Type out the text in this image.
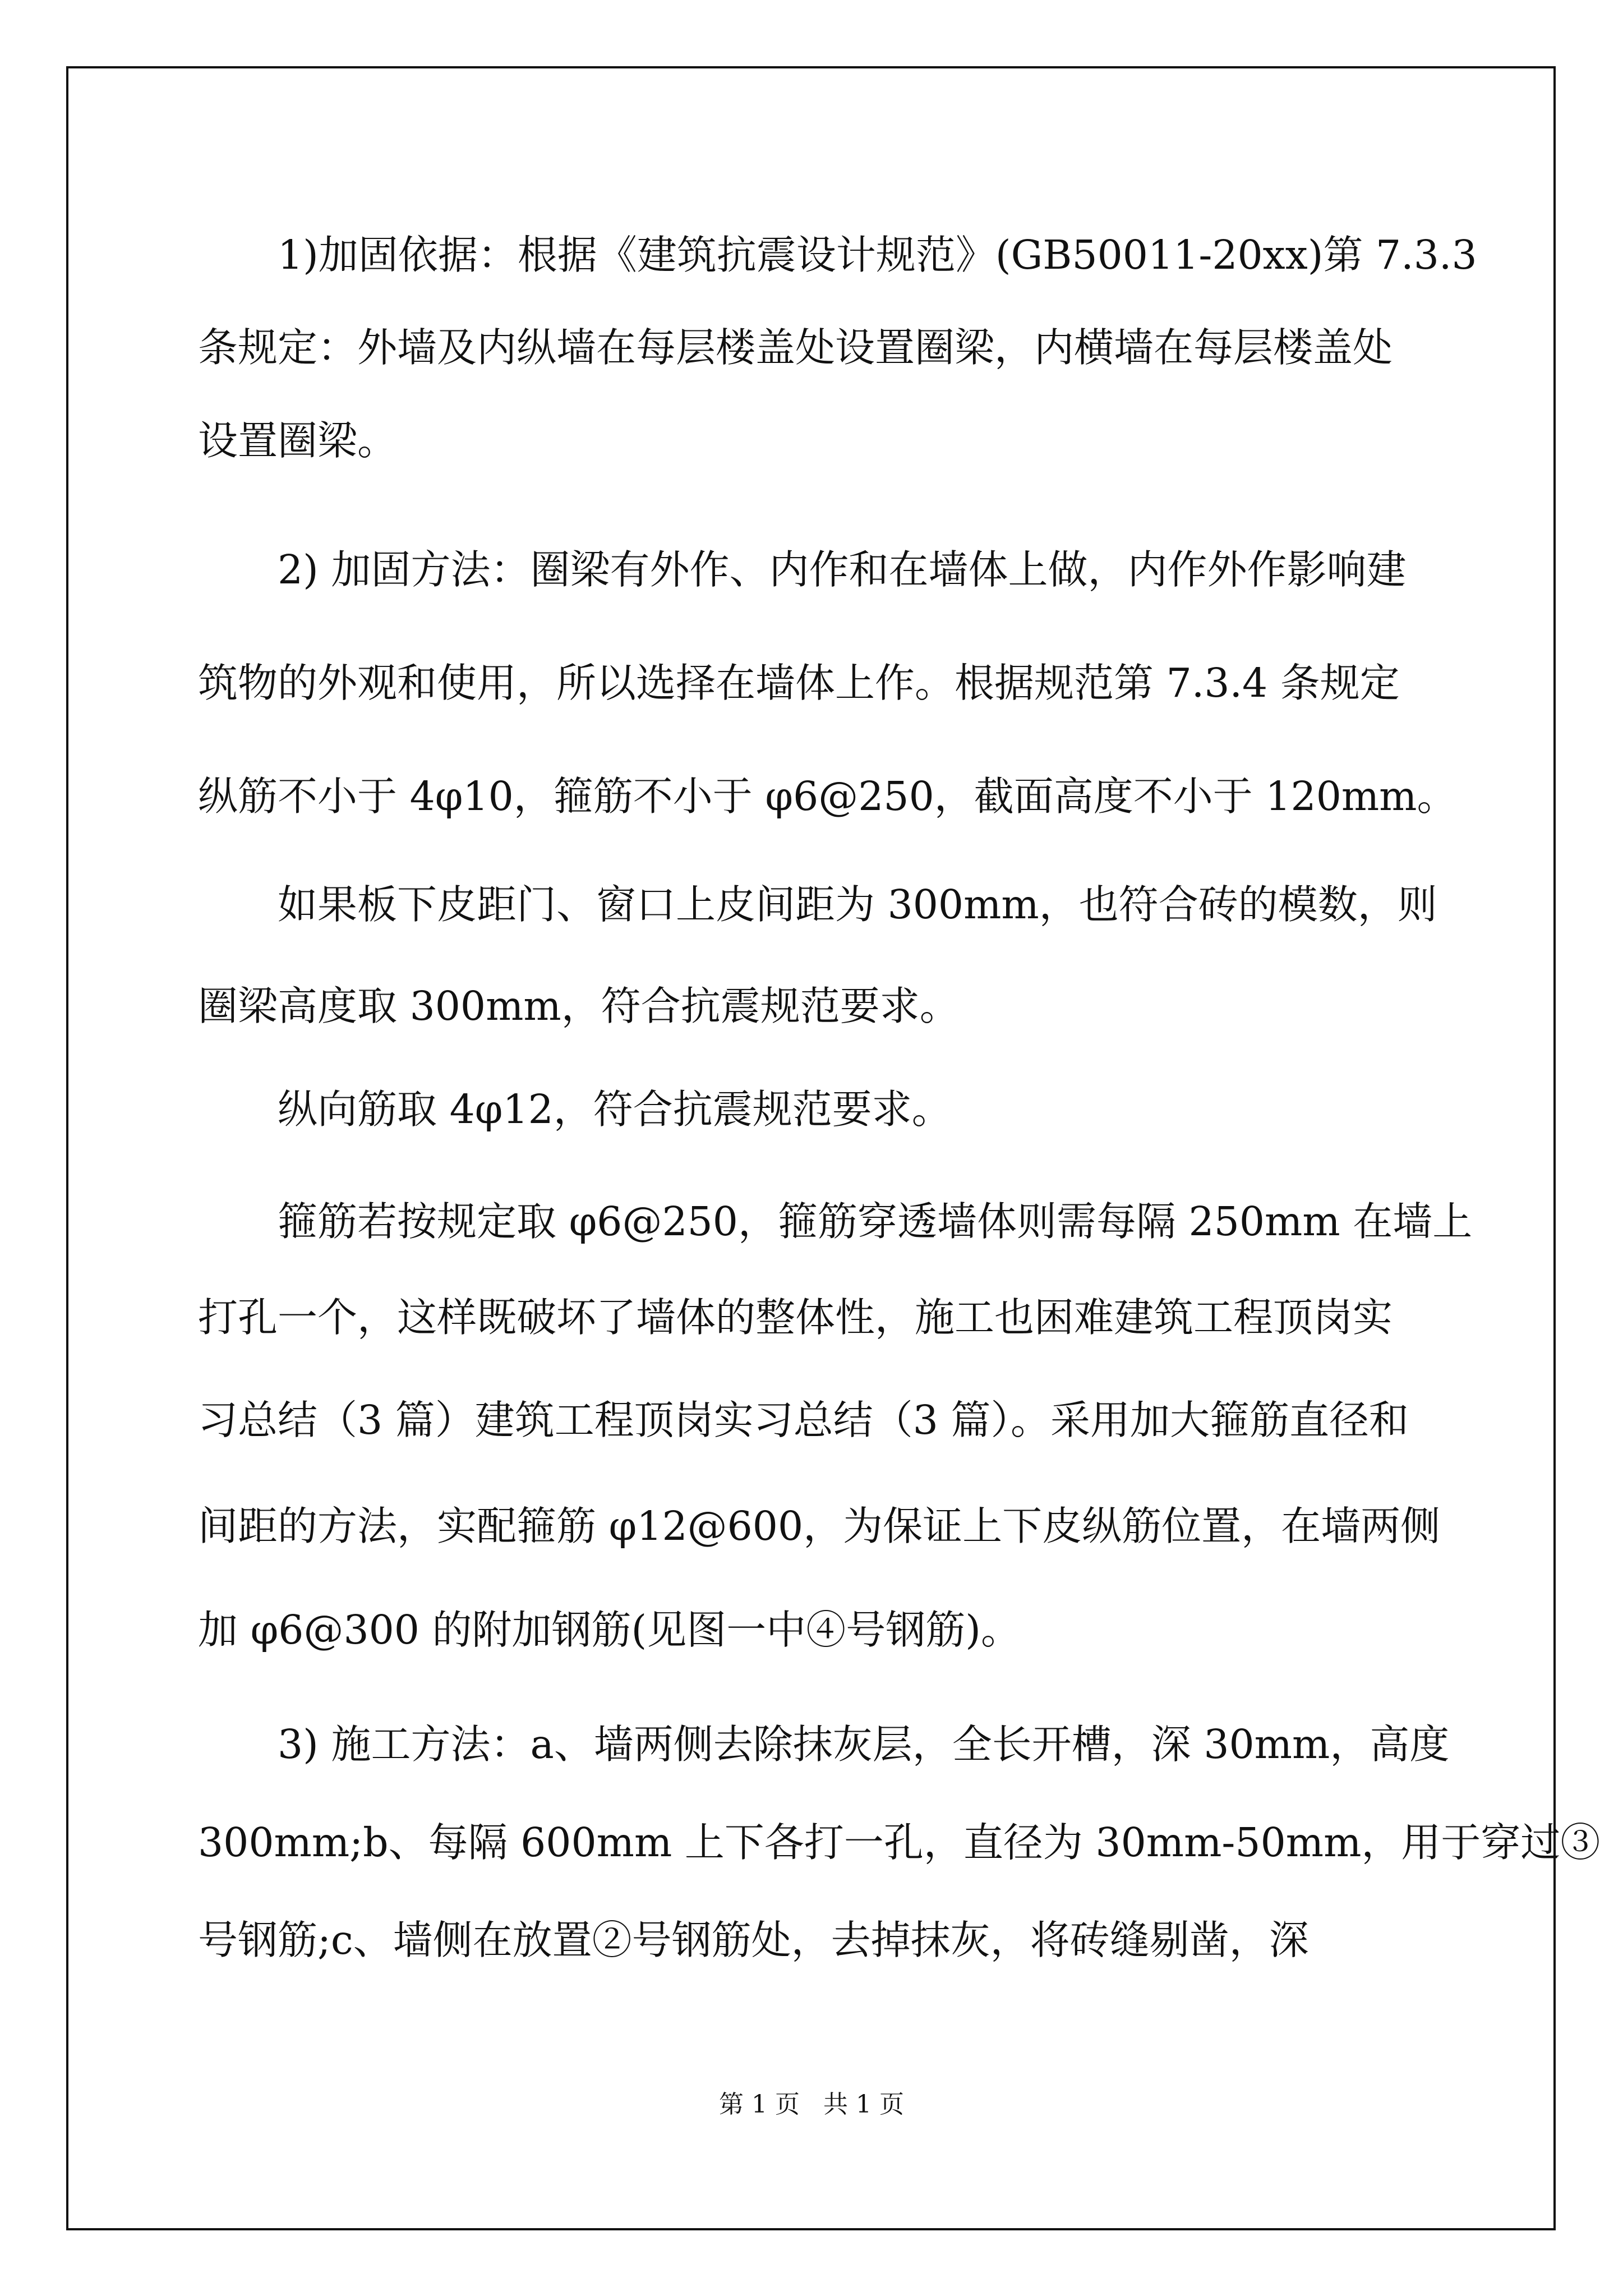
1)加固依据：根据《建筑抗震设计规范》(GB50011-20xx)第 7.3.3
条规定：外墙及内纵墙在每层楼盖处设置圈梁，内横墙在每层楼盖处
设置圈梁。
2) 加固方法：圈梁有外作、内作和在墙体上做，内作外作影响建
筑物的外观和使用，所以选择在墙体上作。根据规范第 7.3.4 条规定
纵筋不小于 4φ10，箍筋不小于 φ6@250，截面高度不小于 120mm。
如果板下皮距门、窗口上皮间距为 300mm，也符合砖的模数，则
圈梁高度取 300mm，符合抗震规范要求。
纵向筋取 4φ12，符合抗震规范要求。
箍筋若按规定取 φ6@250，箍筋穿透墙体则需每隔 250mm 在墙上
打孔一个，这样既破坏了墙体的整体性，施工也困难建筑工程顶岗实
习总结（3 篇）建筑工程顶岗实习总结（3 篇）。采用加大箍筋直径和
间距的方法，实配箍筋 φ12@600，为保证上下皮纵筋位置，在墙两侧
加 φ6@300 的附加钢筋(见图一中④号钢筋)。
3) 施工方法：a、墙两侧去除抹灰层，全长开槽，深 30mm，高度
300mm;b、每隔 600mm 上下各打一孔，直径为 30mm-50mm，用于穿过③
号钢筋;c、墙侧在放置②号钢筋处，去掉抹灰，将砖缝剔凿，深
第 1 页 共 1 页
